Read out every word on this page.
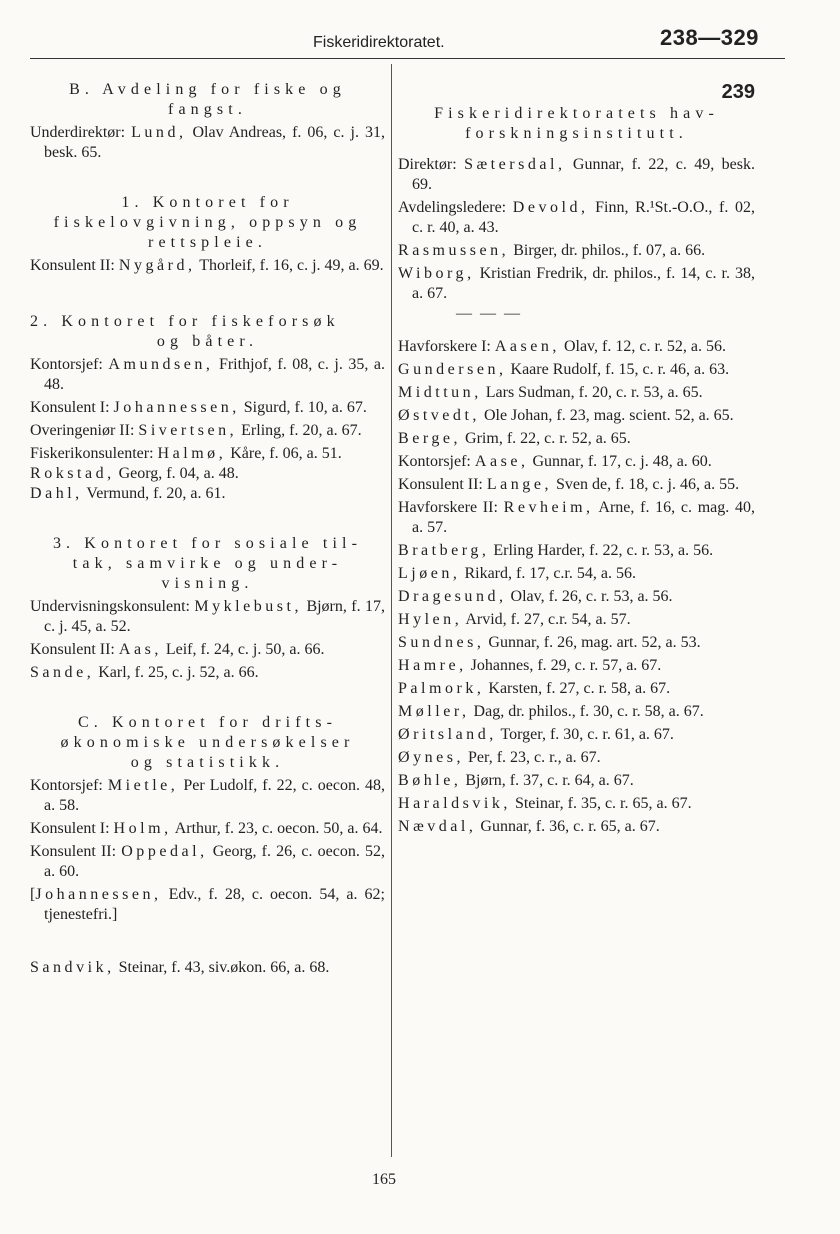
Fiskeridirektoratet.	238—329
B. Avdeling for fiske og
fangst.

Underdirektør: Lund, Olav Andreas, f. 06, c. j. 31, besk. 65.

1. Kontoret for
fiskelovgivning, oppsyn og
rettspleie.

Konsulent II: Nygård, Thorleif, f. 16, c. j. 49, a. 69.

2. Kontoret for fiskeforsøk
og båter.

Kontorsjef: Amundsen, Frithjof, f. 08, c. j. 35, a. 48.

Konsulent I: Johannessen, Sigurd, f. 10, a. 67.

Overingeniør II: Sivertsen, Erling, f. 20, a. 67.

Fiskerikonsulenter: Halmø, Kåre, f. 06, a. 51.

Rokstad, Georg, f. 04, a. 48.

Dahl, Vermund, f. 20, a. 61.

3. Kontoret for sosiale til-
tak, samvirke og under-
visning.

Undervisningskonsulent: Myklebust, Bjørn, f. 17, c. j. 45, a. 52.

Konsulent II: Aas, Leif, f. 24, c. j. 50, a. 66.

Sande, Karl, f. 25, c. j. 52, a. 66.

C. Kontoret for drifts-
økonomiske undersøkelser
og statistikk.

Kontorsjef: Mietle, Per Ludolf, f. 22, c. oecon. 48, a. 58.

Konsulent I: Holm, Arthur, f. 23, c. oecon. 50, a. 64.

Konsulent II: Oppedal, Georg, f. 26, c. oecon. 52, a. 60.

[Johannessen, Edv., f. 28, c. oecon. 54, a. 62; tjenestefri.]

Sandvik, Steinar, f. 43, siv.økon. 66, a. 68.

239
Fiskeridirektoratets hav-
forskningsinstitutt.

Direktør: Sætersdal, Gunnar, f. 22, c. 49, besk. 69.

Avdelingsledere: Devold, Finn, R.¹St.-O.O., f. 02, c. r. 40, a. 43.

Rasmussen, Birger, dr. philos., f. 07, a. 66.

Wiborg, Kristian Fredrik, dr. philos., f. 14, c. r. 38, a. 67.

— — —

Havforskere I: Aasen, Olav, f. 12, c. r. 52, a. 56.

Gundersen, Kaare Rudolf, f. 15, c. r. 46, a. 63.

Midttun, Lars Sudman, f. 20, c. r. 53, a. 65.

Østvedt, Ole Johan, f. 23, mag. scient. 52, a. 65.

Berge, Grim, f. 22, c. r. 52, a. 65.

Kontorsjef: Aase, Gunnar, f. 17, c. j. 48, a. 60.

Konsulent II: Lange, Sven de, f. 18, c. j. 46, a. 55.

Havforskere II: Revheim, Arne, f. 16, c. mag. 40, a. 57.

Bratberg, Erling Harder, f. 22, c. r. 53, a. 56.

Ljøen, Rikard, f. 17, c.r. 54, a. 56.

Dragesund, Olav, f. 26, c. r. 53, a. 56.

Hylen, Arvid, f. 27, c.r. 54, a. 57.

Sundnes, Gunnar, f. 26, mag. art. 52, a. 53.

Hamre, Johannes, f. 29, c. r. 57, a. 67.

Palmork, Karsten, f. 27, c. r. 58, a. 67.

Møller, Dag, dr. philos., f. 30, c. r. 58, a. 67.

Øritsland, Torger, f. 30, c. r. 61, a. 67.

Øynes, Per, f. 23, c. r., a. 67.

Bøhle, Bjørn, f. 37, c. r. 64, a. 67.

Haraldsvik, Steinar, f. 35, c. r. 65, a. 67.

Nævdal, Gunnar, f. 36, c. r. 65, a. 67.

165
